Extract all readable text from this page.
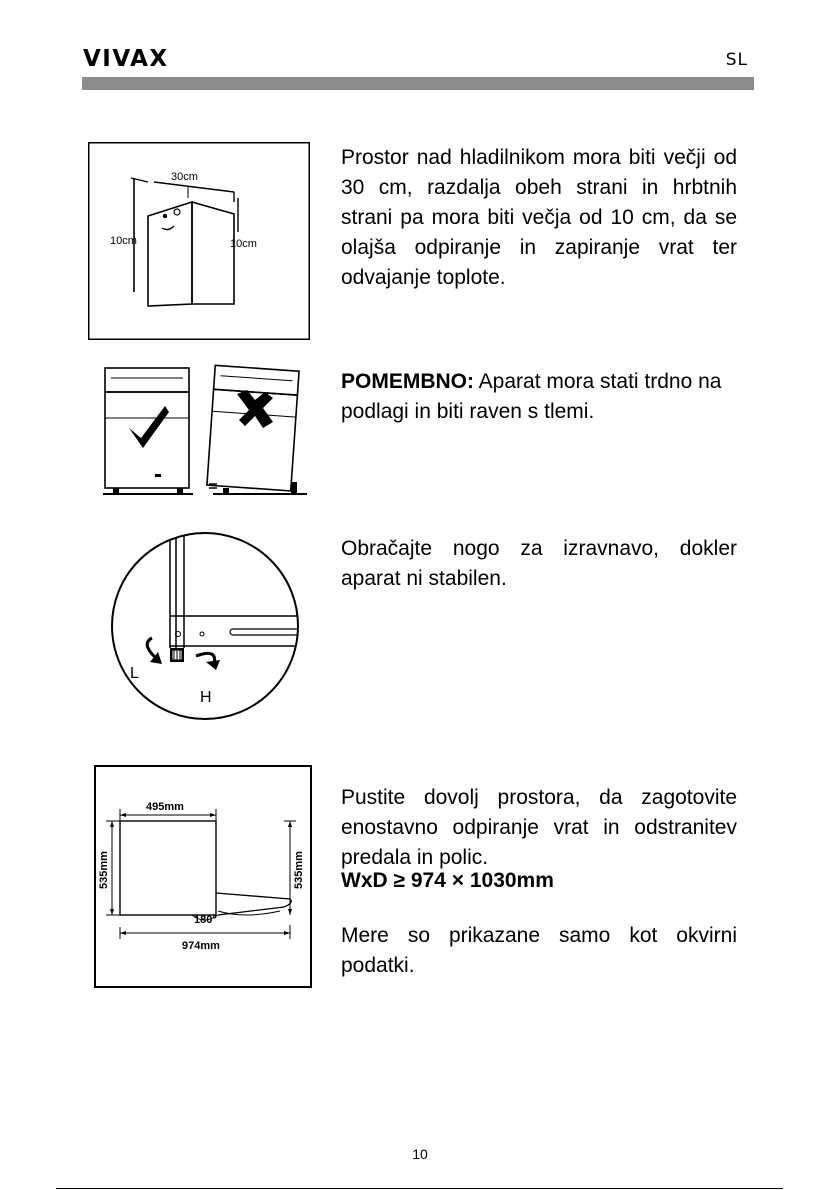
VIVAX	SL
30cm
10cm	10cm

Prostor nad hladilnikom mora biti večji od 30 cm, razdalja obeh strani in hrbtnih strani pa mora biti večja od 10 cm, da se olajša odpiranje in zapiranje vrat ter odvajanje toplote.

POMEMBNO: Aparat mora stati trdno na podlagi in biti raven s tlemi.

L
H

Obračajte nogo za izravnavo, dokler aparat ni stabilen.

495mm
535mm	535mm
180°
974mm

Pustite dovolj prostora, da zagotovite enostavno odpiranje vrat in odstranitev predala in polic.

WxD ≥ 974 × 1030mm

Mere so prikazane samo kot okvirni podatki.

10
